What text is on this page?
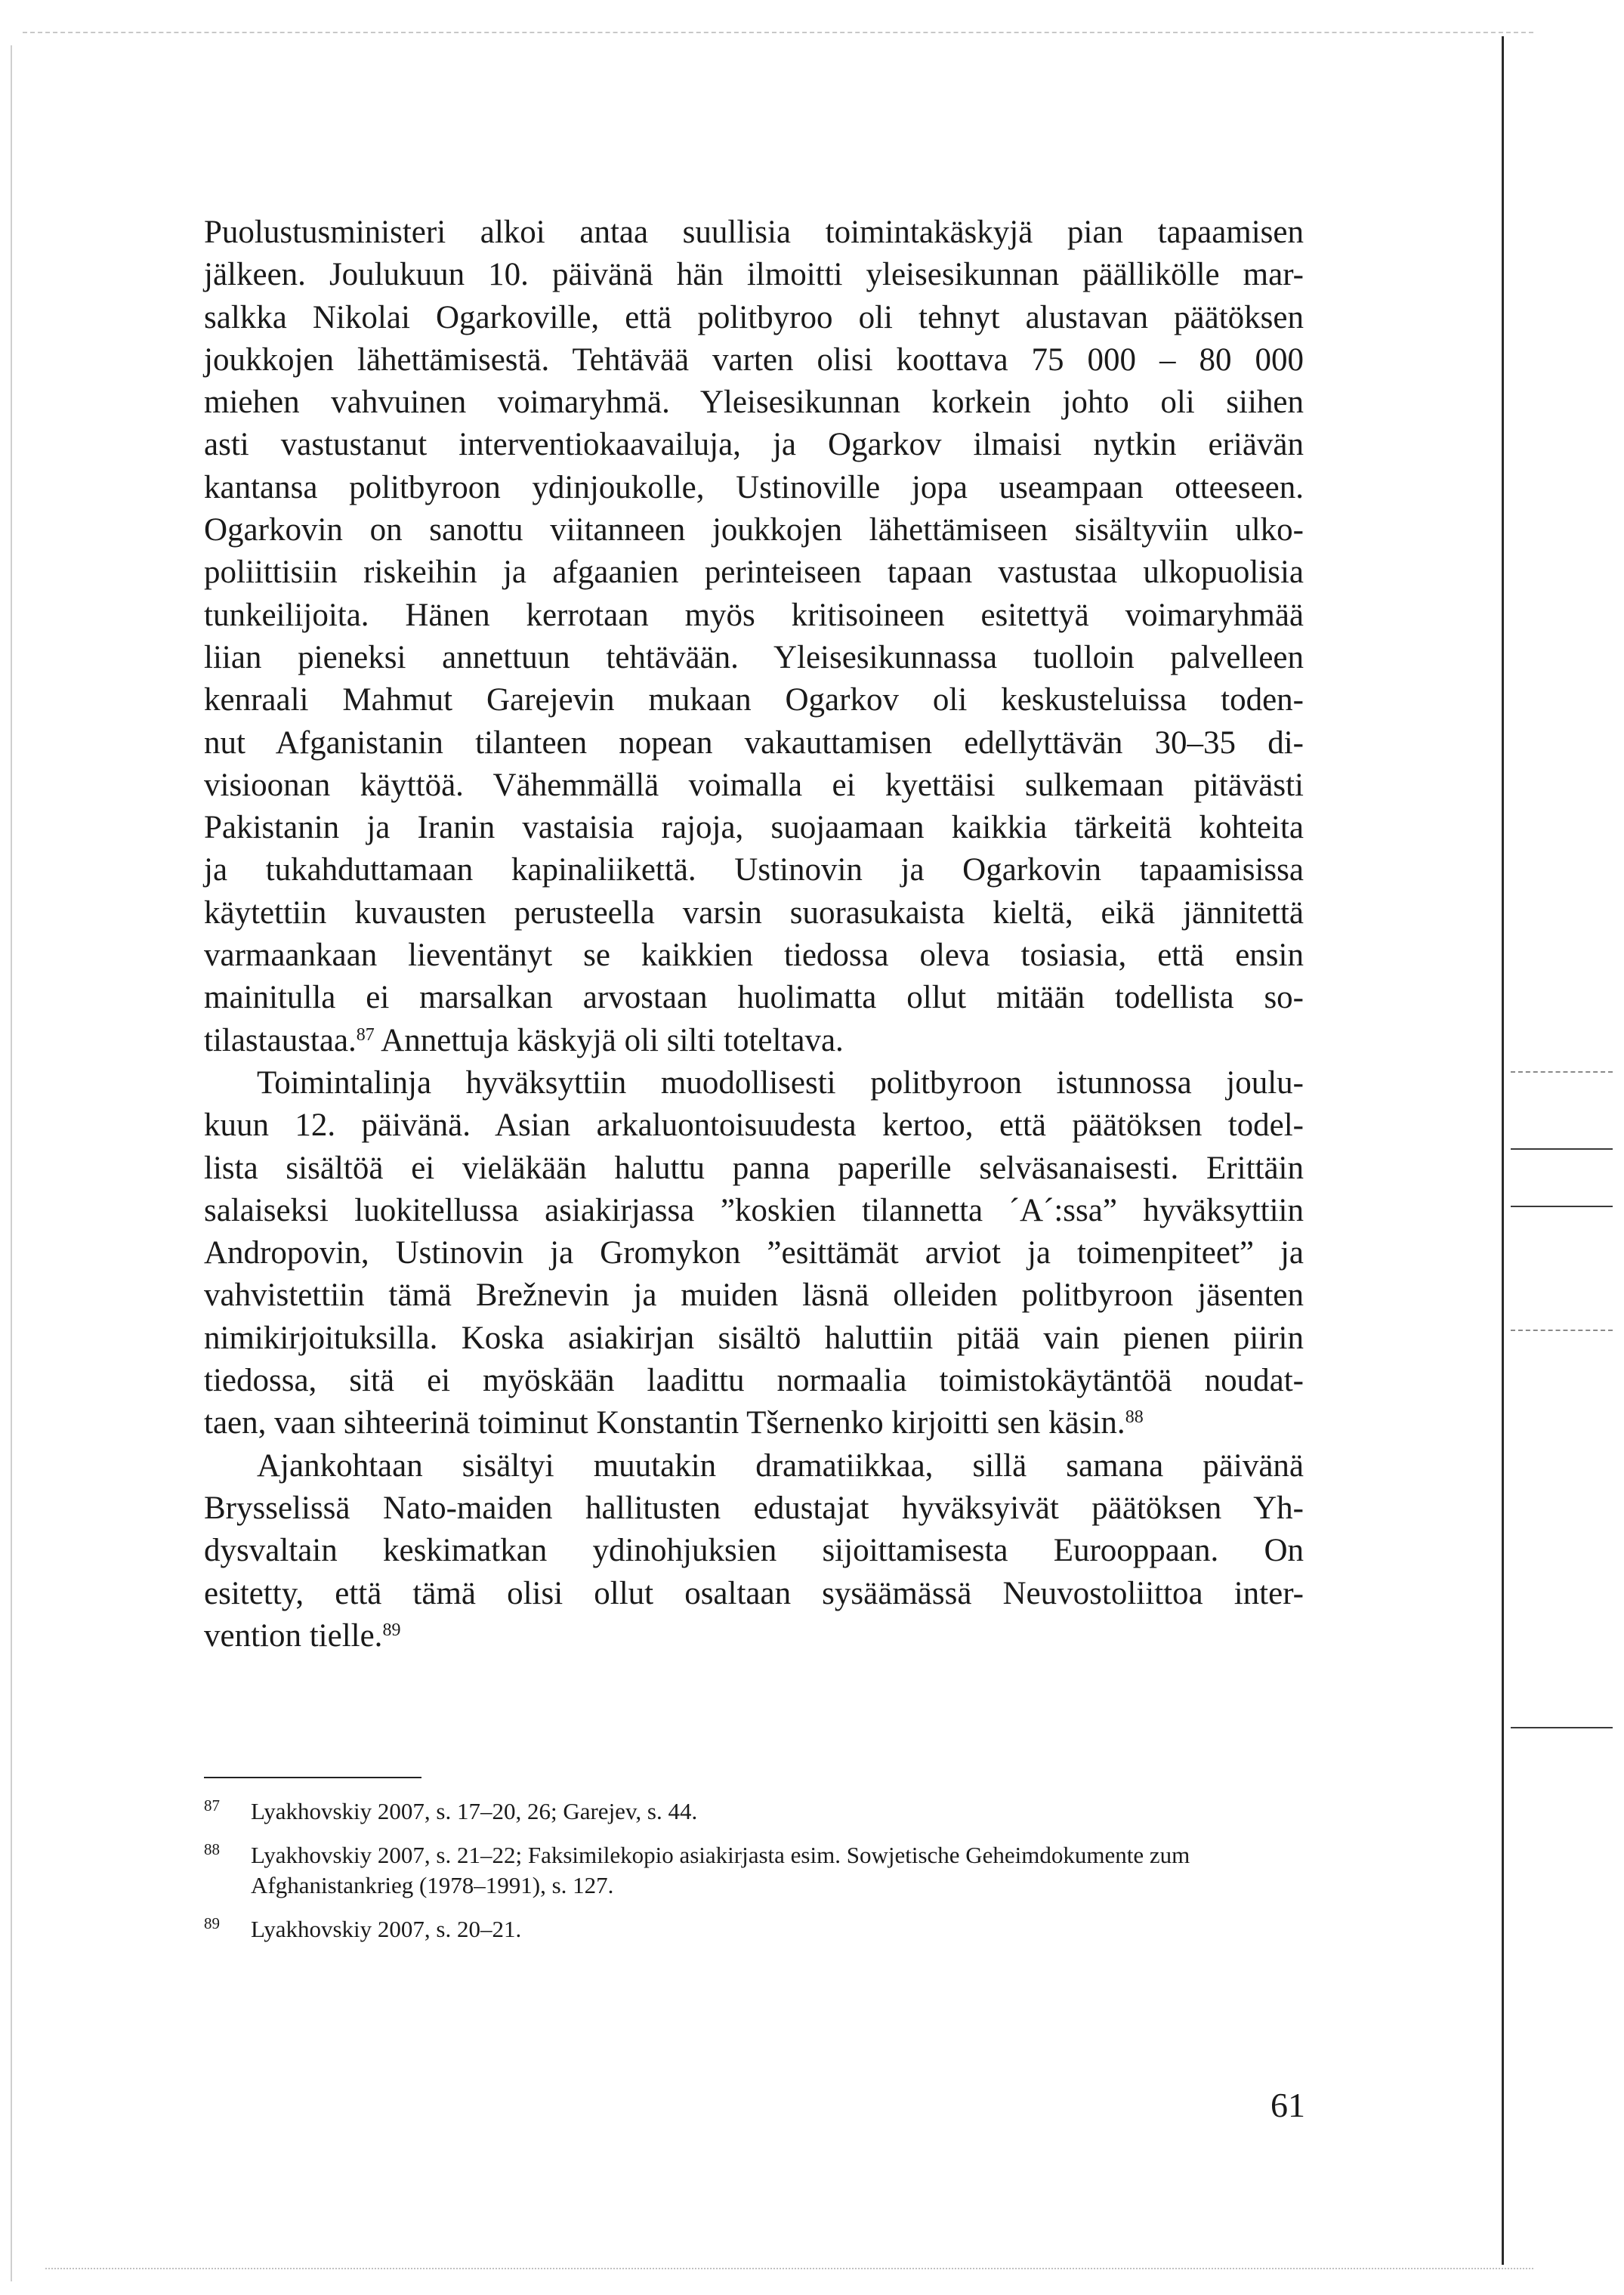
Puolustusministeri alkoi antaa suullisia toimintakäskyjä pian tapaamisen
jälkeen. Joulukuun 10. päivänä hän ilmoitti yleisesikunnan päällikölle mar-
salkka Nikolai Ogarkoville, että politbyroo oli tehnyt alustavan päätöksen
joukkojen lähettämisestä. Tehtävää varten olisi koottava 75 000 – 80 000
miehen vahvuinen voimaryhmä. Yleisesikunnan korkein johto oli siihen
asti vastustanut interventiokaavailuja, ja Ogarkov ilmaisi nytkin eriävän
kantansa politbyroon ydinjoukolle, Ustinoville jopa useampaan otteeseen.
Ogarkovin on sanottu viitanneen joukkojen lähettämiseen sisältyviin ulko-
poliittisiin riskeihin ja afgaanien perinteiseen tapaan vastustaa ulkopuolisia
tunkeilijoita. Hänen kerrotaan myös kritisoineen esitettyä voimaryhmää
liian pieneksi annettuun tehtävään. Yleisesikunnassa tuolloin palvelleen
kenraali Mahmut Garejevin mukaan Ogarkov oli keskusteluissa toden-
nut Afganistanin tilanteen nopean vakauttamisen edellyttävän 30–35 di-
visioonan käyttöä. Vähemmällä voimalla ei kyettäisi sulkemaan pitävästi
Pakistanin ja Iranin vastaisia rajoja, suojaamaan kaikkia tärkeitä kohteita
ja tukahduttamaan kapinaliikettä. Ustinovin ja Ogarkovin tapaamisissa
käytettiin kuvausten perusteella varsin suorasukaista kieltä, eikä jännitettä
varmaankaan lieventänyt se kaikkien tiedossa oleva tosiasia, että ensin
mainitulla ei marsalkan arvostaan huolimatta ollut mitään todellista so-
tilastaustaa.$^{87}$ Annettuja käskyjä oli silti toteltava.
Toimintalinja hyväksyttiin muodollisesti politbyroon istunnossa joulu-
kuun 12. päivänä. Asian arkaluontoisuudesta kertoo, että päätöksen todel-
lista sisältöä ei vieläkään haluttu panna paperille selväsanaisesti. Erittäin
salaiseksi luokitellussa asiakirjassa ”koskien tilannetta ´A´:ssa” hyväksyttiin
Andropovin, Ustinovin ja Gromykon ”esittämät arviot ja toimenpiteet” ja
vahvistettiin tämä Brežnevin ja muiden läsnä olleiden politbyroon jäsenten
nimikirjoituksilla. Koska asiakirjan sisältö haluttiin pitää vain pienen piirin
tiedossa, sitä ei myöskään laadittu normaalia toimistokäytäntöä noudat-
taen, vaan sihteerinä toiminut Konstantin Tšernenko kirjoitti sen käsin.$^{88}$
Ajankohtaan sisältyi muutakin dramatiikkaa, sillä samana päivänä
Brysselissä Nato-maiden hallitusten edustajat hyväksyivät päätöksen Yh-
dysvaltain keskimatkan ydinohjuksien sijoittamisesta Eurooppaan. On
esitetty, että tämä olisi ollut osaltaan sysäämässä Neuvostoliittoa inter-
vention tielle.$^{89}$
87 Lyakhovskiy 2007, s. 17–20, 26; Garejev, s. 44.
88 Lyakhovskiy 2007, s. 21–22; Faksimilekopio asiakirjasta esim. Sowjetische Geheimdokumente zum Afghanistankrieg (1978–1991), s. 127.
89 Lyakhovskiy 2007, s. 20–21.
61
